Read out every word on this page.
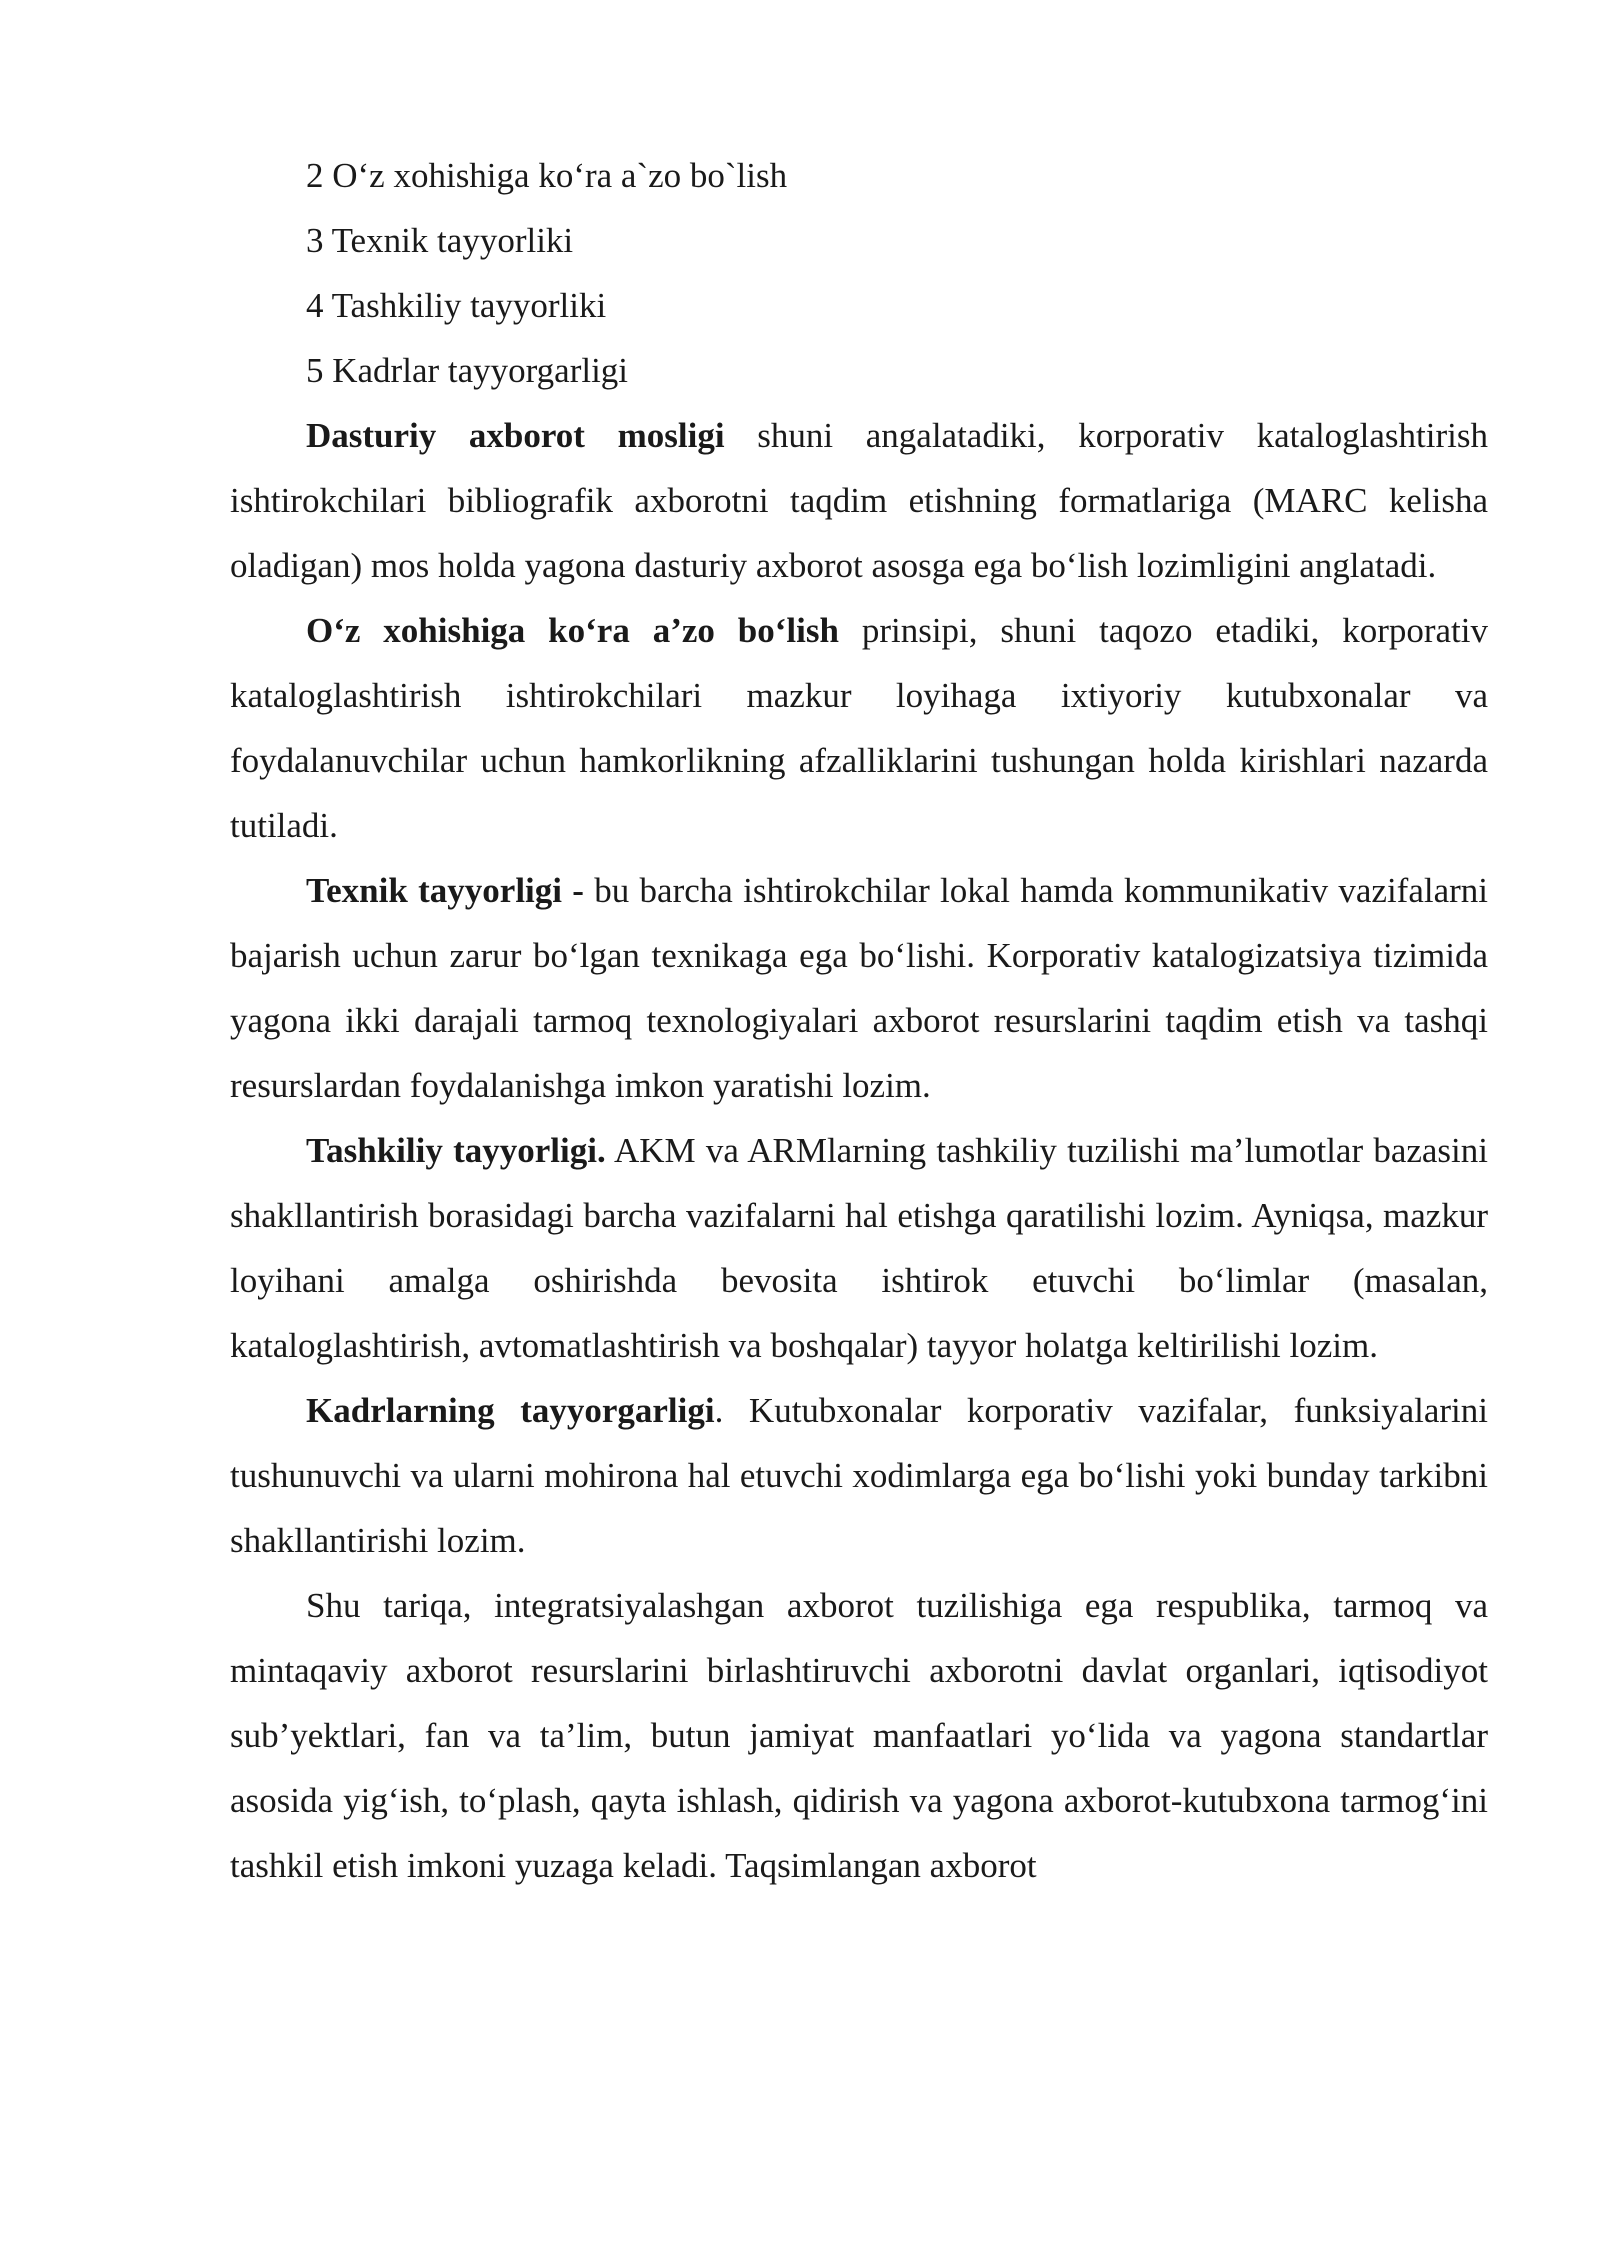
2 O‘z xohishiga ko‘ra a`zo bo`lish

3 Texnik tayyorliki

4 Tashkiliy tayyorliki

5 Kadrlar tayyorgarligi

Dasturiy axborot mosligi shuni angalatadiki, korporativ kataloglashtirish ishtirokchilari bibliografik axborotni taqdim etishning formatlariga (MARC kelisha oladigan) mos holda yagona dasturiy axborot asosga ega bo‘lish lozimligini anglatadi.

O‘z xohishiga ko‘ra a’zo bo‘lish prinsipi, shuni taqozo etadiki, korporativ kataloglashtirish ishtirokchilari mazkur loyihaga ixtiyoriy kutubxonalar va foydalanuvchilar uchun hamkorlikning afzalliklarini tushungan holda kirishlari nazarda tutiladi.

Texnik tayyorligi - bu barcha ishtirokchilar lokal hamda kommunikativ vazifalarni bajarish uchun zarur bo‘lgan texnikaga ega bo‘lishi. Korporativ katalogizatsiya tizimida yagona ikki darajali tarmoq texnologiyalari axborot resurslarini taqdim etish va tashqi resurslardan foydalanishga imkon yaratishi lozim.

Tashkiliy tayyorligi. AKM va ARMlarning tashkiliy tuzilishi ma’lumotlar bazasini shakllantirish borasidagi barcha vazifalarni hal etishga qaratilishi lozim. Ayniqsa, mazkur loyihani amalga oshirishda bevosita ishtirok etuvchi bo‘limlar (masalan, kataloglashtirish, avtomatlashtirish va boshqalar) tayyor holatga keltirilishi lozim.

Kadrlarning tayyorgarligi. Kutubxonalar korporativ vazifalar, funksiyalarini tushunuvchi va ularni mohirona hal etuvchi xodimlarga ega bo‘lishi yoki bunday tarkibni shakllantirishi lozim.

Shu tariqa, integratsiyalashgan axborot tuzilishiga ega respublika, tarmoq va mintaqaviy axborot resurslarini birlashtiruvchi axborotni davlat organlari, iqtisodiyot sub’yektlari, fan va ta’lim, butun jamiyat manfaatlari yo‘lida va yagona standartlar asosida yig‘ish, to‘plash, qayta ishlash, qidirish va yagona axborot-kutubxona tarmog‘ini tashkil etish imkoni yuzaga keladi. Taqsimlangan axborot
